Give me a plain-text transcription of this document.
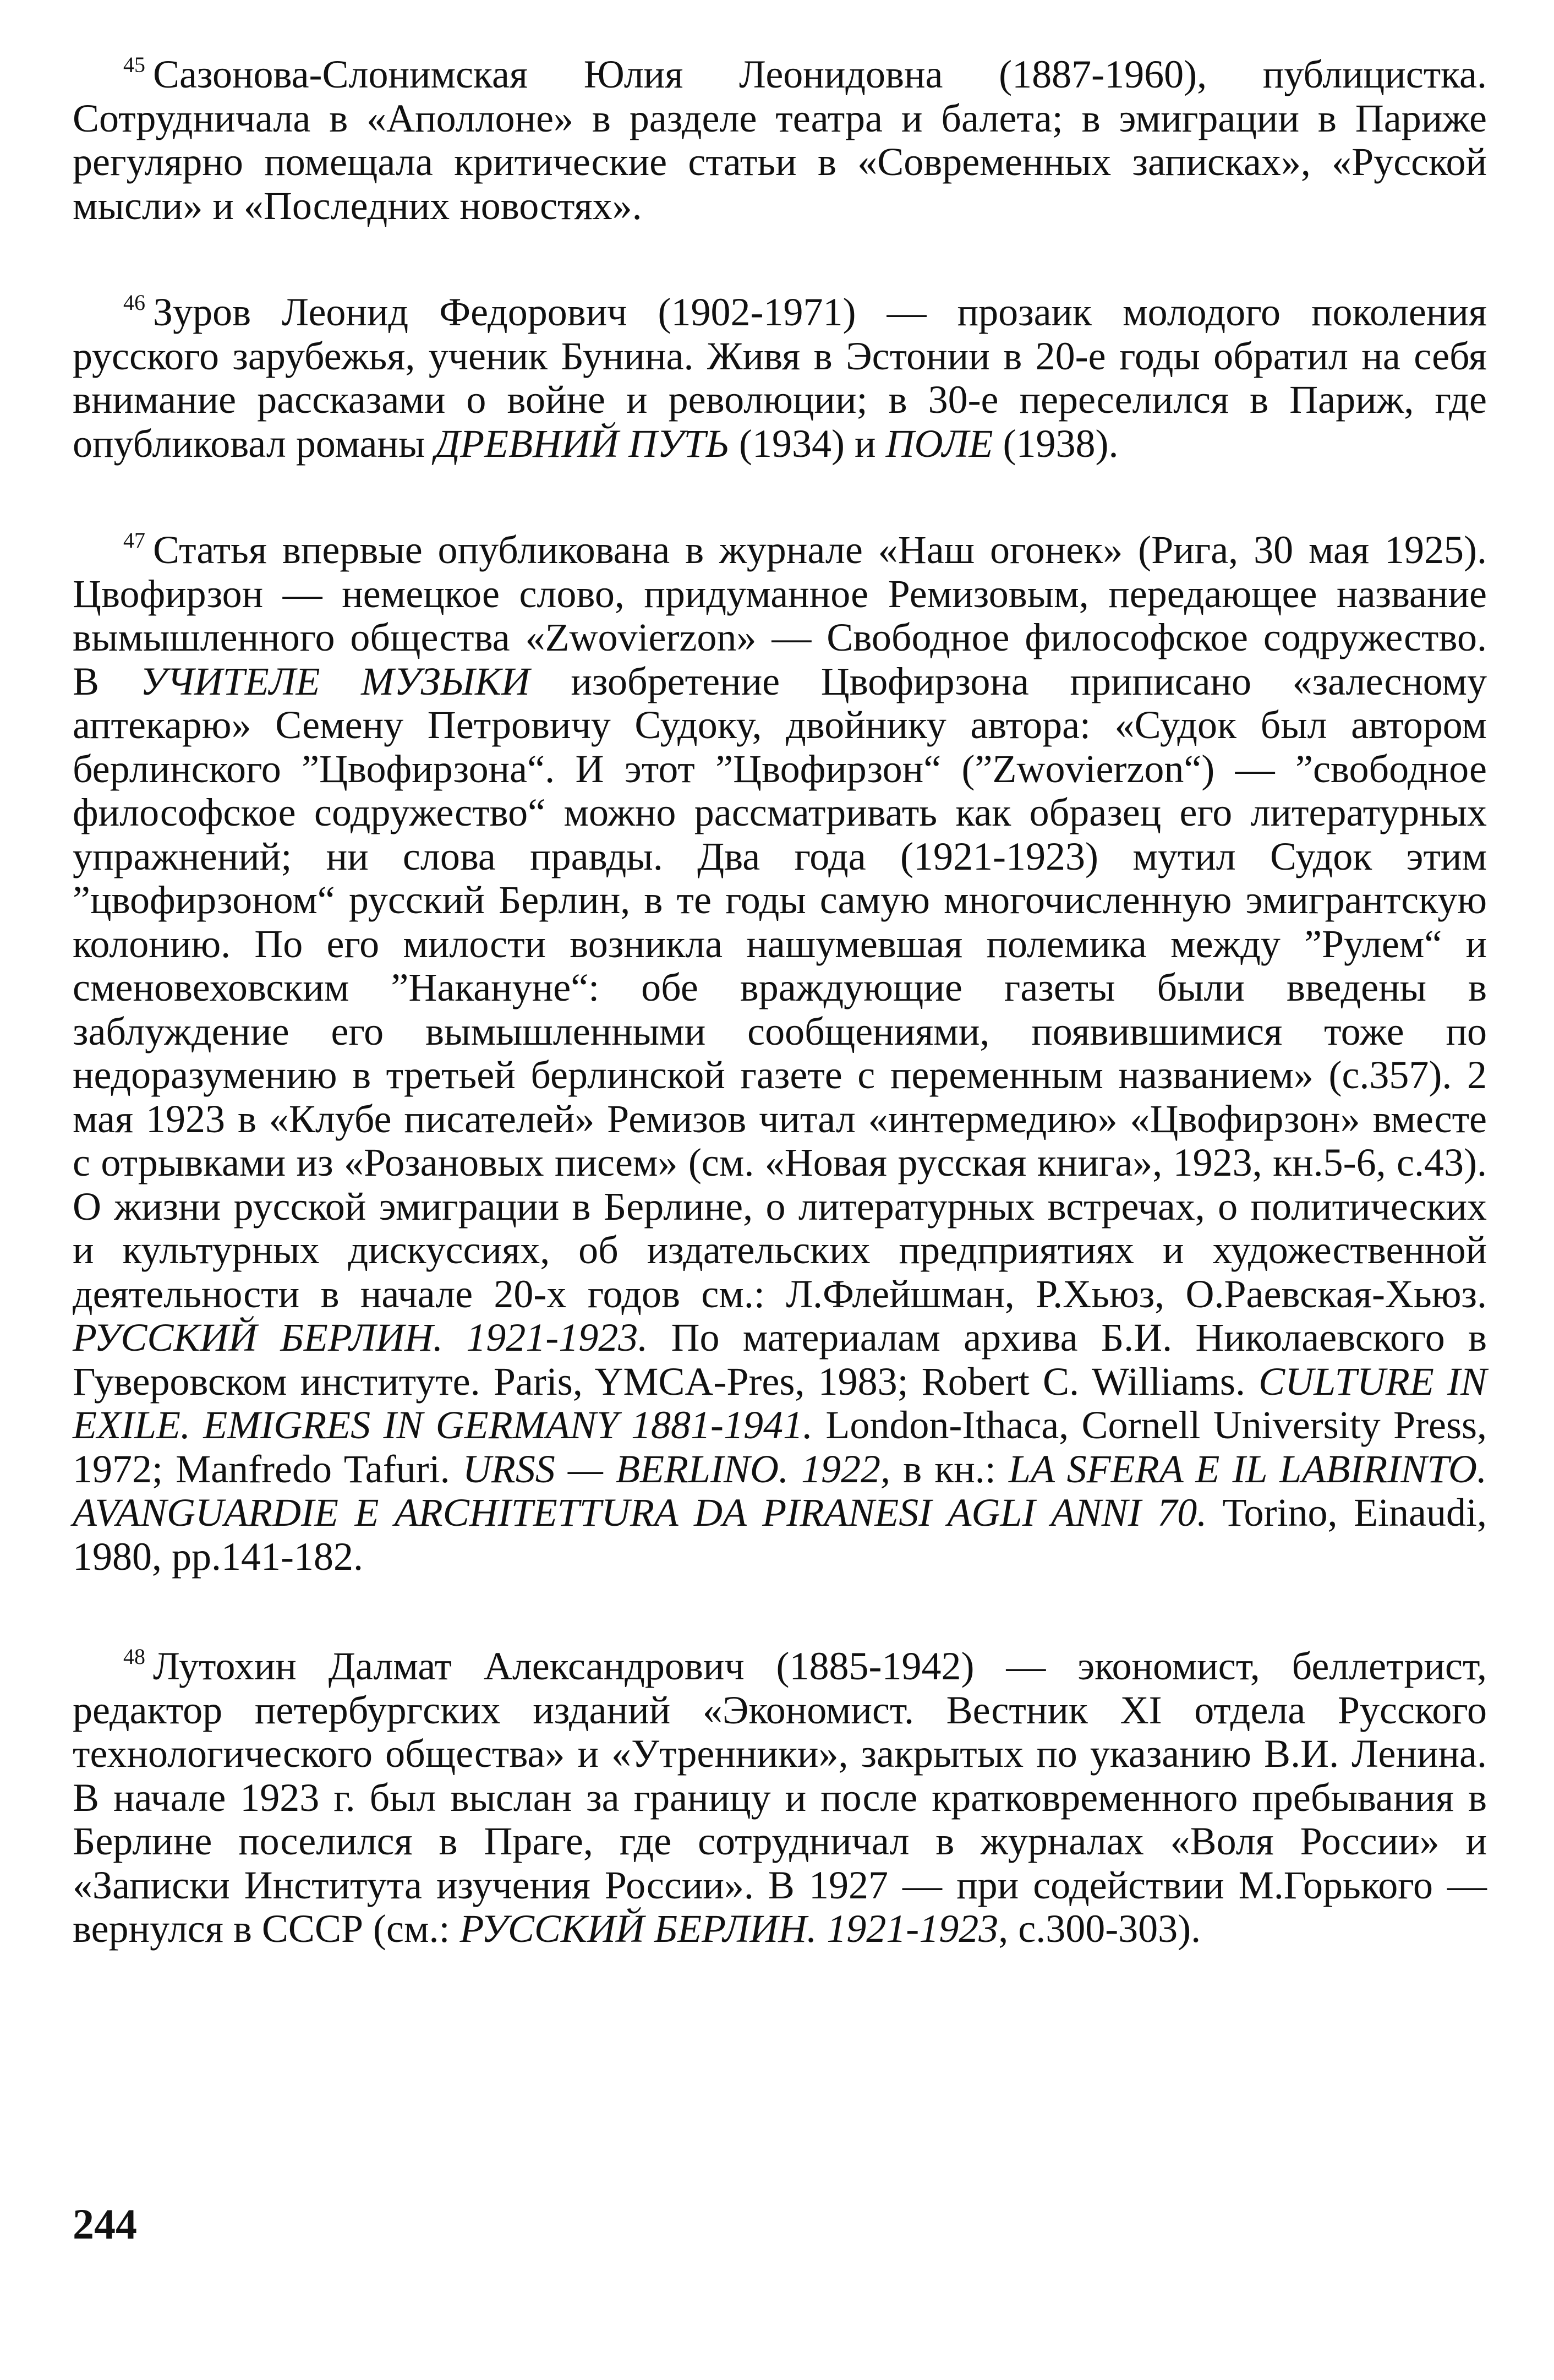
$^{45}$ Сазонова-Слонимская Юлия Леонидовна (1887-1960), публицистка. Сотрудничала в «Аполлоне» в разделе театра и балета; в эмиграции в Париже регулярно помещала критические статьи в «Современных записках», «Русской мысли» и «Последних новостях».

$^{46}$ Зуров Леонид Федорович (1902-1971) — прозаик молодого поколения русского зарубежья, ученик Бунина. Живя в Эстонии в 20-е годы обратил на себя внимание рассказами о войне и революции; в 30-е переселился в Париж, где опубликовал романы ДРЕВНИЙ ПУТЬ (1934) и ПОЛЕ (1938).

$^{47}$ Статья впервые опубликована в журнале «Наш огонек» (Рига, 30 мая 1925). Цвофирзон — немецкое слово, придуманное Ремизовым, передающее название вымышленного общества «Zwovierzon» — Свободное философское содружество. В УЧИТЕЛЕ МУЗЫКИ изобретение Цвофирзона приписано «залесному аптекарю» Семену Петровичу Судоку, двойнику автора: «Судок был автором берлинского ”Цвофирзона“. И этот ”Цвофирзон“ (”Zwovierzon“) — ”свободное философское содружество“ можно рассматривать как образец его литературных упражнений; ни слова правды. Два года (1921-1923) мутил Судок этим ”цвофирзоном“ русский Берлин, в те годы самую многочисленную эмигрантскую колонию. По его милости возникла нашумевшая полемика между ”Рулем“ и сменовеховским ”Накануне“: обе враждующие газеты были введены в заблуждение его вымышленными сообщениями, появившимися тоже по недоразумению в третьей берлинской газете с переменным названием» (с.357). 2 мая 1923 в «Клубе писателей» Ремизов читал «интермедию» «Цвофирзон» вместе с отрывками из «Розановых писем» (см. «Новая русская книга», 1923, кн.5-6, с.43). О жизни русской эмиграции в Берлине, о литературных встречах, о политических и культурных дискуссиях, об издательских предприятиях и художественной деятельности в начале 20-х годов см.: Л.Флейшман, Р.Хьюз, О.Раевская-Хьюз. РУССКИЙ БЕРЛИН. 1921-1923. По материалам архива Б.И. Николаевского в Гуверовском институте. Paris, YMCA-Pres, 1983; Robert C. Williams. CULTURE IN EXILE. EMIGRES IN GERMANY 1881-1941. London-Ithaca, Cornell University Press, 1972; Manfredo Tafuri. URSS — BERLINO. 1922, в кн.: LA SFERA E IL LABIRINTO. AVANGUARDIE E ARCHITETTURA DA PIRANESI AGLI ANNI 70. Torino, Einaudi, 1980, pp.141-182.

$^{48}$ Лутохин Далмат Александрович (1885-1942) — экономист, беллетрист, редактор петербургских изданий «Экономист. Вестник XI отдела Русского технологического общества» и «Утренники», закрытых по указанию В.И. Ленина. В начале 1923 г. был выслан за границу и после кратковременного пребывания в Берлине поселился в Праге, где сотрудничал в журналах «Воля России» и «Записки Института изучения России». В 1927 — при содействии М.Горького — вернулся в СССР (см.: РУССКИЙ БЕРЛИН. 1921-1923, с.300-303).

244
